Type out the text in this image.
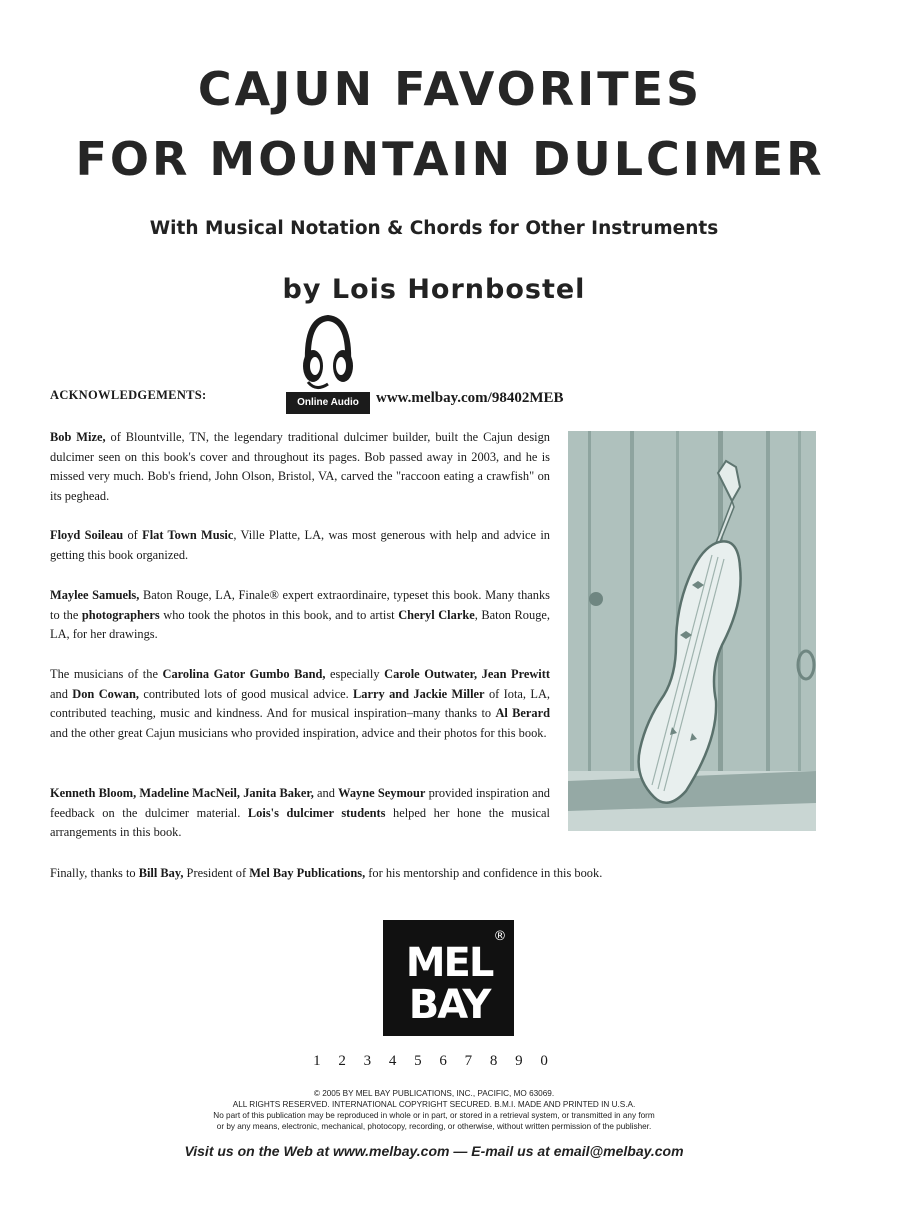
CAJUN FAVORITES
FOR MOUNTAIN DULCIMER
With Musical Notation & Chords for Other Instruments
by Lois Hornbostel
Online Audio
ACKNOWLEDGEMENTS:	www.melbay.com/98402MEB
Bob Mize, of Blountville, TN, the legendary traditional dulcimer builder, built the Cajun design dulcimer seen on this book's cover and throughout its pages. Bob passed away in 2003, and he is missed very much. Bob's friend, John Olson, Bristol, VA, carved the "raccoon eating a crawfish" on its peghead.
Floyd Soileau of Flat Town Music, Ville Platte, LA, was most generous with help and advice in getting this book organized.
Maylee Samuels, Baton Rouge, LA, Finale® expert extraordinaire, typeset this book. Many thanks to the photographers who took the photos in this book, and to artist Cheryl Clarke, Baton Rouge, LA, for her drawings.
The musicians of the Carolina Gator Gumbo Band, especially Carole Outwater, Jean Prewitt and Don Cowan, contributed lots of good musical advice. Larry and Jackie Miller of Iota, LA, contributed teaching, music and kindness. And for musical inspiration–many thanks to Al Berard and the other great Cajun musicians who provided inspiration, advice and their photos for this book.
Kenneth Bloom, Madeline MacNeil, Janita Baker, and Wayne Seymour provided inspiration and feedback on the dulcimer material. Lois's dulcimer students helped her hone the musical arrangements in this book.
Finally, thanks to Bill Bay, President of Mel Bay Publications, for his mentorship and confidence in this book.
MEL
BAY
®
1 2 3 4 5 6 7 8 9 0
© 2005 BY MEL BAY PUBLICATIONS, INC., PACIFIC, MO 63069.
ALL RIGHTS RESERVED. INTERNATIONAL COPYRIGHT SECURED. B.M.I. MADE AND PRINTED IN U.S.A.
No part of this publication may be reproduced in whole or in part, or stored in a retrieval system, or transmitted in any form
or by any means, electronic, mechanical, photocopy, recording, or otherwise, without written permission of the publisher.
Visit us on the Web at www.melbay.com — E-mail us at email@melbay.com
